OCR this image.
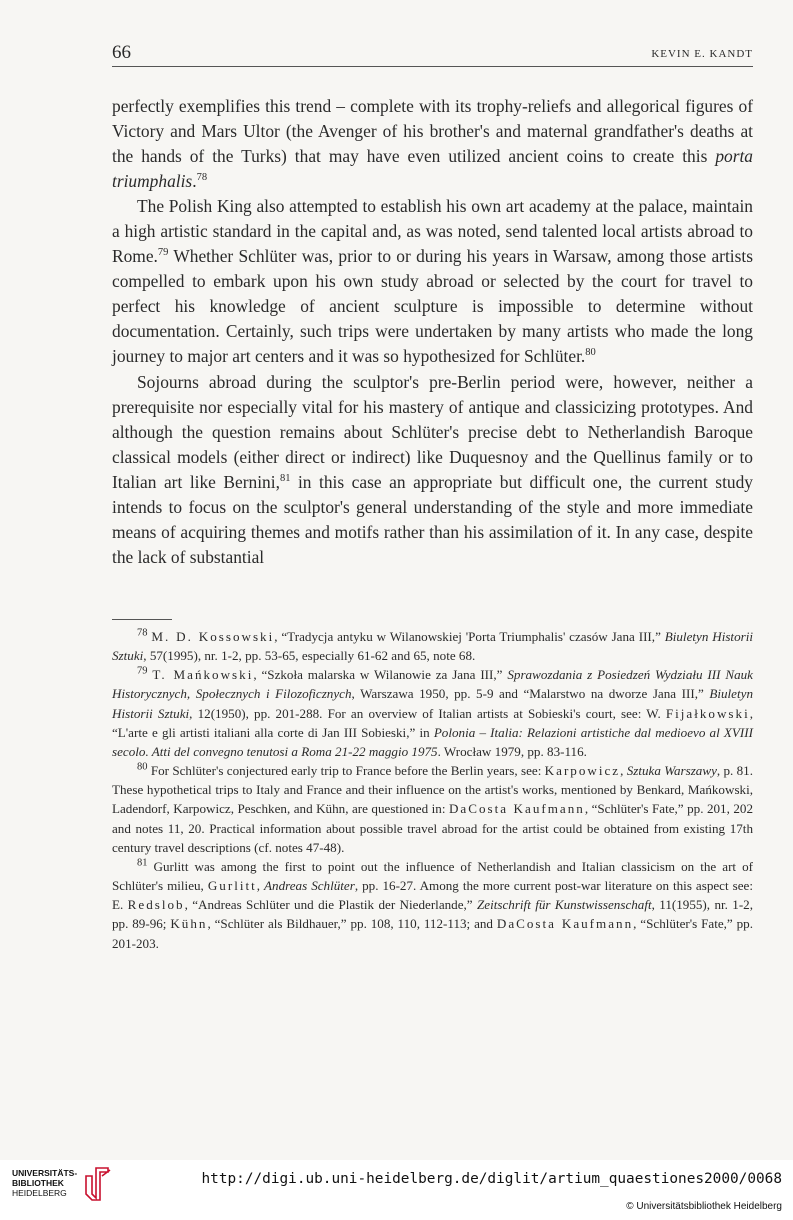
66	KEVIN E. KANDT

perfectly exemplifies this trend – complete with its trophy-reliefs and allegorical figures of Victory and Mars Ultor (the Avenger of his brother's and maternal grandfather's deaths at the hands of the Turks) that may have even utilized ancient coins to create this porta triumphalis.$^{78}$

The Polish King also attempted to establish his own art academy at the palace, maintain a high artistic standard in the capital and, as was noted, send talented local artists abroad to Rome.$^{79}$ Whether Schlüter was, prior to or during his years in Warsaw, among those artists compelled to embark upon his own study abroad or selected by the court for travel to perfect his knowledge of ancient sculpture is impossible to determine without documentation. Certainly, such trips were undertaken by many artists who made the long journey to major art centers and it was so hypothesized for Schlüter.$^{80}$

Sojourns abroad during the sculptor's pre-Berlin period were, however, neither a prerequisite nor especially vital for his mastery of antique and classicizing prototypes. And although the question remains about Schlüter's precise debt to Netherlandish Baroque classical models (either direct or indirect) like Duquesnoy and the Quellinus family or to Italian art like Bernini,$^{81}$ in this case an appropriate but difficult one, the current study intends to focus on the sculptor's general understanding of the style and more immediate means of acquiring themes and motifs rather than his assimilation of it. In any case, despite the lack of substantial

$^{78}$ M. D. Kossowski, “Tradycja antyku w Wilanowskiej 'Porta Triumphalis' czasów Jana III,” Biuletyn Historii Sztuki, 57(1995), nr. 1-2, pp. 53-65, especially 61-62 and 65, note 68.

$^{79}$ T. Mańkowski, “Szkoła malarska w Wilanowie za Jana III,” Sprawozdania z Posiedzeń Wydziału III Nauk Historycznych, Społecznych i Filozoficznych, Warszawa 1950, pp. 5-9 and “Malarstwo na dworze Jana III,” Biuletyn Historii Sztuki, 12(1950), pp. 201-288. For an overview of Italian artists at Sobieski's court, see: W. Fijałkowski, “L'arte e gli artisti italiani alla corte di Jan III Sobieski,” in Polonia – Italia: Relazioni artistiche dal medioevo al XVIII secolo. Atti del convegno tenutosi a Roma 21-22 maggio 1975. Wrocław 1979, pp. 83-116.

$^{80}$ For Schlüter's conjectured early trip to France before the Berlin years, see: Karpowicz, Sztuka Warszawy, p. 81. These hypothetical trips to Italy and France and their influence on the artist's works, mentioned by Benkard, Mańkowski, Ladendorf, Karpowicz, Peschken, and Kühn, are questioned in: DaCosta Kaufmann, “Schlüter's Fate,” pp. 201, 202 and notes 11, 20. Practical information about possible travel abroad for the artist could be obtained from existing 17th century travel descriptions (cf. notes 47-48).

$^{81}$ Gurlitt was among the first to point out the influence of Netherlandish and Italian classicism on the art of Schlüter's milieu, Gurlitt, Andreas Schlüter, pp. 16-27. Among the more current post-war literature on this aspect see: E. Redslob, “Andreas Schlüter und die Plastik der Niederlande,” Zeitschrift für Kunstwissenschaft, 11(1955), nr. 1-2, pp. 89-96; Kühn, “Schlüter als Bildhauer,” pp. 108, 110, 112-113; and DaCosta Kaufmann, “Schlüter's Fate,” pp. 201-203.

UNIVERSITÄTS-
BIBLIOTHEK
HEIDELBERG
http://digi.ub.uni-heidelberg.de/diglit/artium_quaestiones2000/0068
© Universitätsbibliothek Heidelberg
